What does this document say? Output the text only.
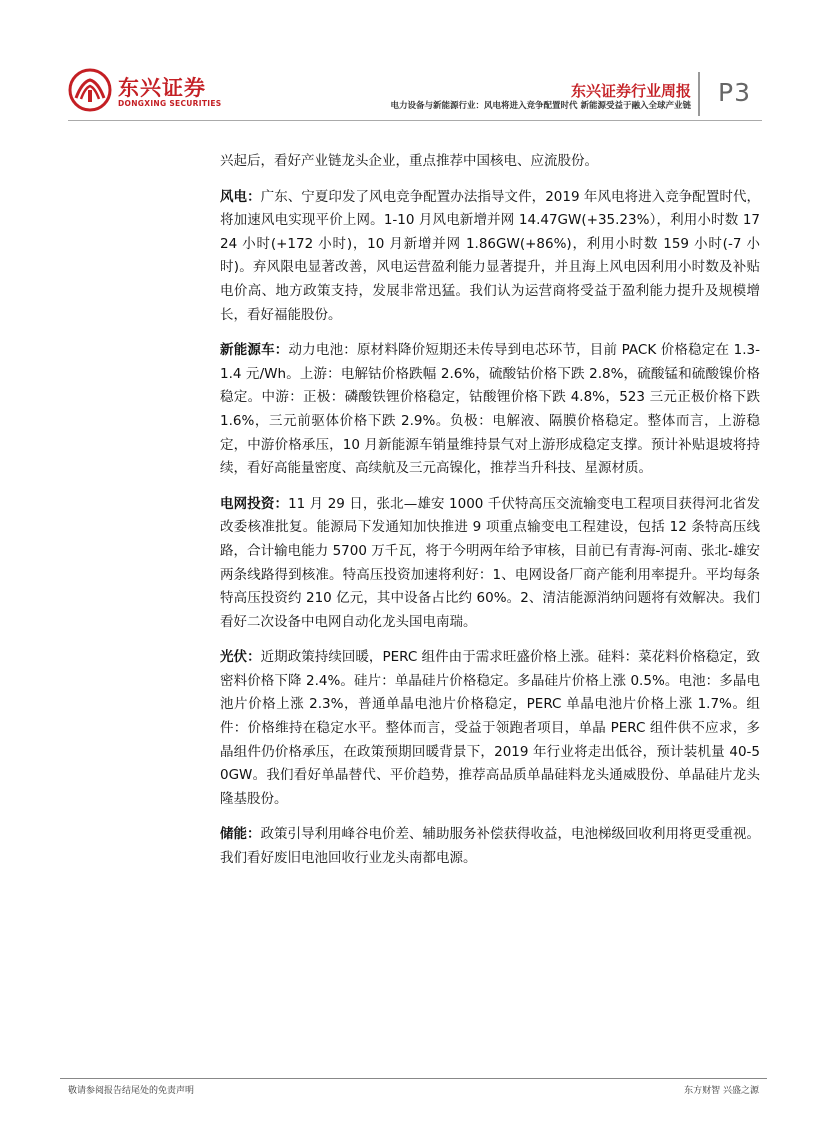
东兴证券
DONGXING SECURITIES
东兴证券行业周报
电力设备与新能源行业：风电将进入竞争配置时代 新能源受益于融入全球产业链 P3

兴起后，看好产业链龙头企业，重点推荐中国核电、应流股份。

风电：广东、宁夏印发了风电竞争配置办法指导文件，2019 年风电将进入竞争配置时代，将加速风电实现平价上网。1-10 月风电新增并网 14.47GW(+35.23%），利用小时数 1724 小时(+172 小时)，10 月新增并网 1.86GW(+86%)，利用小时数 159 小时(-7 小时)。弃风限电显著改善，风电运营盈利能力显著提升，并且海上风电因利用小时数及补贴电价高、地方政策支持，发展非常迅猛。我们认为运营商将受益于盈利能力提升及规模增长，看好福能股份。

新能源车：动力电池：原材料降价短期还未传导到电芯环节，目前 PACK 价格稳定在 1.3-1.4 元/Wh。上游：电解钴价格跌幅 2.6%，硫酸钴价格下跌 2.8%，硫酸锰和硫酸镍价格稳定。中游：正极：磷酸铁锂价格稳定，钴酸锂价格下跌 4.8%，523 三元正极价格下跌 1.6%，三元前驱体价格下跌 2.9%。负极：电解液、隔膜价格稳定。整体而言，上游稳定，中游价格承压，10 月新能源车销量维持景气对上游形成稳定支撑。预计补贴退坡将持续，看好高能量密度、高续航及三元高镍化，推荐当升科技、星源材质。

电网投资：11 月 29 日，张北—雄安 1000 千伏特高压交流输变电工程项目获得河北省发改委核准批复。能源局下发通知加快推进 9 项重点输变电工程建设，包括 12 条特高压线路，合计输电能力 5700 万千瓦，将于今明两年给予审核，目前已有青海-河南、张北-雄安两条线路得到核准。特高压投资加速将利好：1、电网设备厂商产能利用率提升。平均每条特高压投资约 210 亿元，其中设备占比约 60%。2、清洁能源消纳问题将有效解决。我们看好二次设备中电网自动化龙头国电南瑞。

光伏：近期政策持续回暖，PERC 组件由于需求旺盛价格上涨。硅料：菜花料价格稳定，致密料价格下降 2.4%。硅片：单晶硅片价格稳定。多晶硅片价格上涨 0.5%。电池：多晶电池片价格上涨 2.3%，普通单晶电池片价格稳定，PERC 单晶电池片价格上涨 1.7%。组件：价格维持在稳定水平。整体而言，受益于领跑者项目，单晶 PERC 组件供不应求，多晶组件仍价格承压，在政策预期回暖背景下，2019 年行业将走出低谷，预计装机量 40-50GW。我们看好单晶替代、平价趋势，推荐高品质单晶硅料龙头通威股份、单晶硅片龙头隆基股份。

储能：政策引导利用峰谷电价差、辅助服务补偿获得收益，电池梯级回收利用将更受重视。我们看好废旧电池回收行业龙头南都电源。

敬请参阅报告结尾处的免责声明	东方财智 兴盛之源
